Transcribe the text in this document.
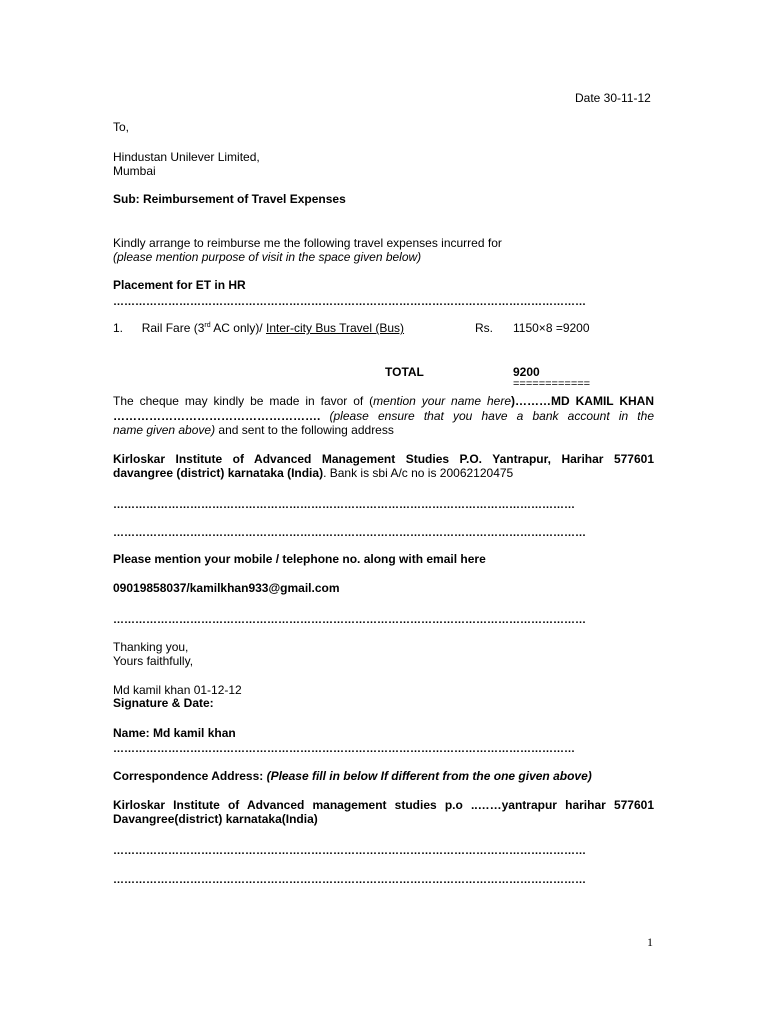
Date 30-11-12
To,
Hindustan Unilever Limited,
Mumbai
Sub: Reimbursement of Travel Expenses
Kindly arrange to reimburse me the following travel expenses incurred for
(please mention purpose of visit in the space given below)
Placement for ET in HR
…………………………………………………………………………………………………………………
1. Rail Fare (3rd AC only)/ Inter-city Bus Travel (Bus)	Rs. 1150×8 =9200
TOTAL	9200
============
The cheque may kindly be made in favor of (mention your name here)………MD KAMIL KHAN
……………………………………………. (please ensure that you have a bank account in the
name given above) and sent to the following address
Kirloskar Institute of Advanced Management Studies P.O. Yantrapur, Harihar 577601
davangree (district) karnataka (India). Bank is sbi A/c no is 20062120475
………………………………………………………………………………………………………………
…………………………………………………………………………………………………………………
Please mention your mobile / telephone no. along with email here
09019858037/kamilkhan933@gmail.com
…………………………………………………………………………………………………………………
Thanking you,
Yours faithfully,
Md kamil khan 01-12-12
Signature & Date:
Name: Md kamil khan
………………………………………………………………………………………………………………
Correspondence Address: (Please fill in below If different from the one given above)
Kirloskar Institute of Advanced management studies p.o ..……yantrapur harihar 577601
Davangree(district) karnataka(India)
…………………………………………………………………………………………………………………
…………………………………………………………………………………………………………………
1
